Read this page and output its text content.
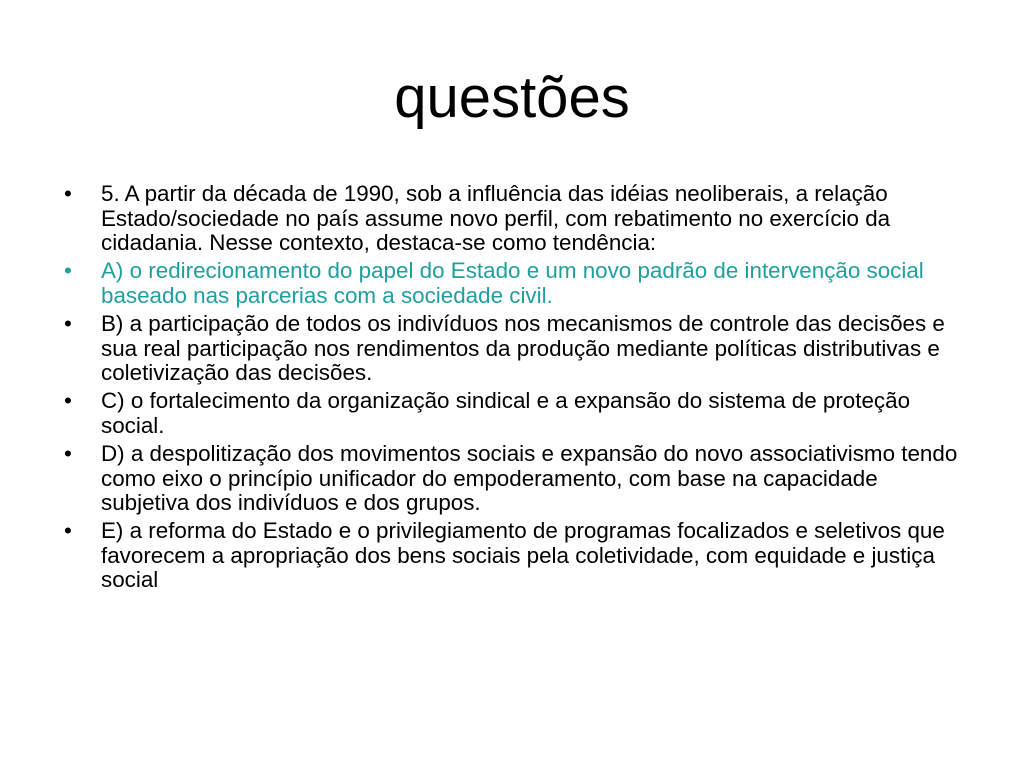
questões
• 5. A partir da década de 1990, sob a influência das idéias neoliberais, a relação Estado/sociedade no país assume novo perfil, com rebatimento no exercício da cidadania. Nesse contexto, destaca-se como tendência:
• A) o redirecionamento do papel do Estado e um novo padrão de intervenção social baseado nas parcerias com a sociedade civil.
• B) a participação de todos os indivíduos nos mecanismos de controle das decisões e sua real participação nos rendimentos da produção mediante políticas distributivas e coletivização das decisões.
• C) o fortalecimento da organização sindical e a expansão do sistema de proteção social.
• D) a despolitização dos movimentos sociais e expansão do novo associativismo tendo como eixo o princípio unificador do empoderamento, com base na capacidade subjetiva dos indivíduos e dos grupos.
• E) a reforma do Estado e o privilegiamento de programas focalizados e seletivos que favorecem a apropriação dos bens sociais pela coletividade, com equidade e justiça social
